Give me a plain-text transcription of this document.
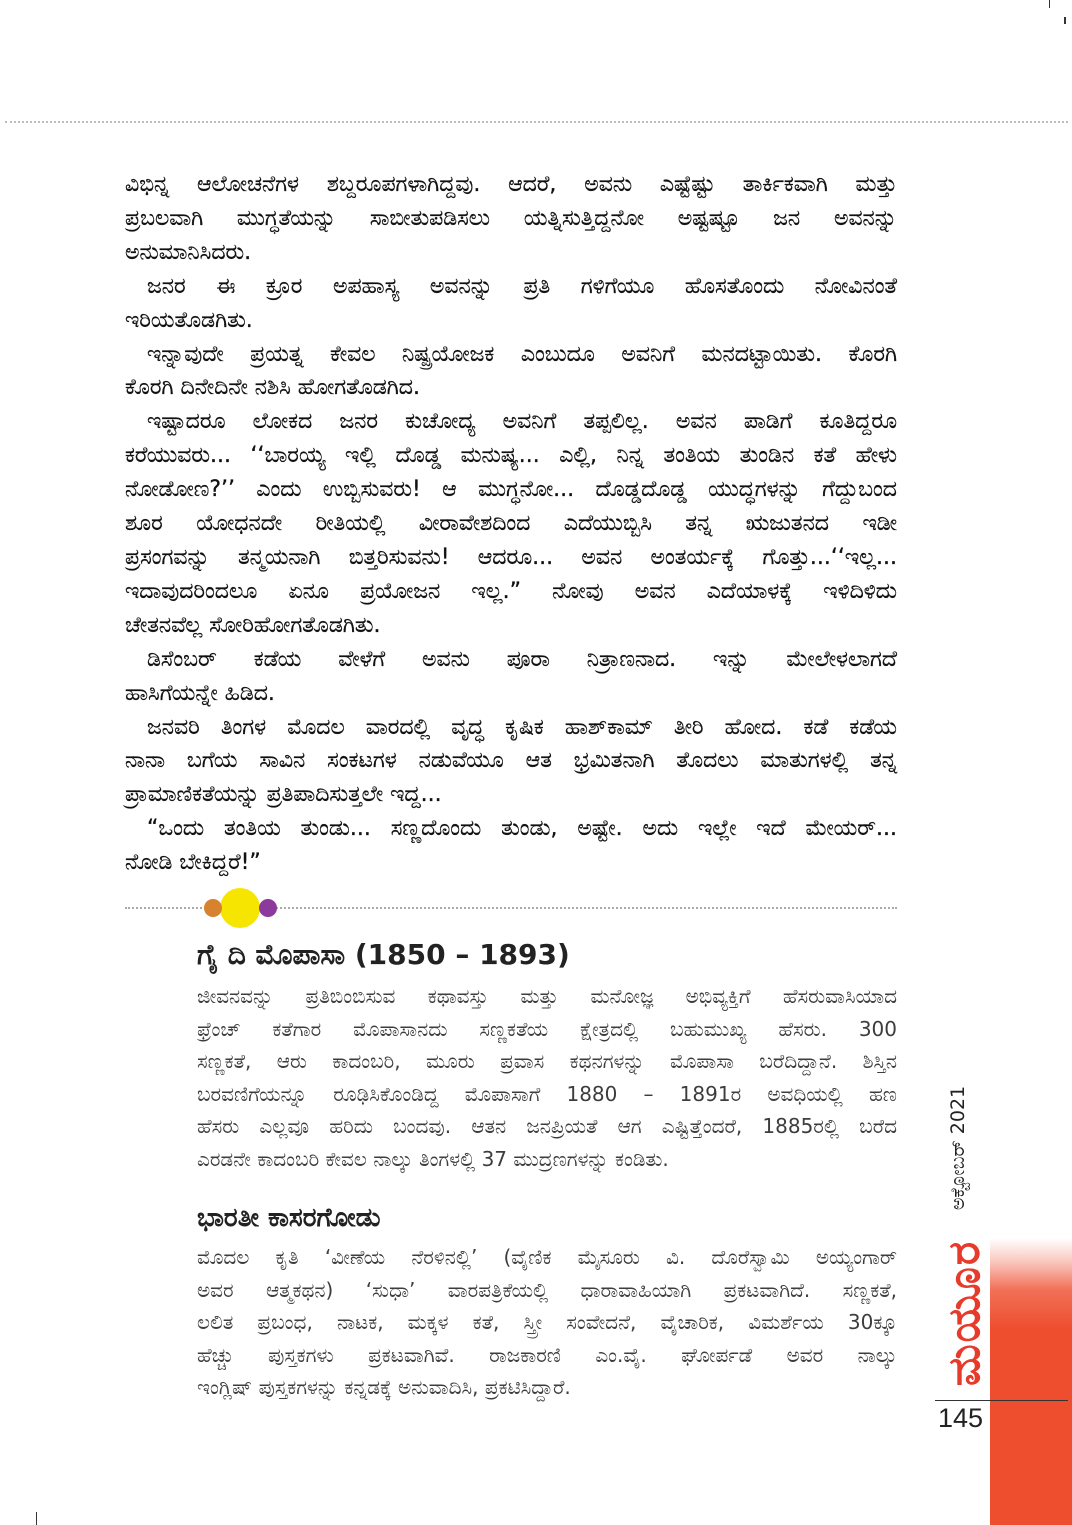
ವಿಭಿನ್ನ ಆಲೋಚನೆಗಳ ಶಬ್ದರೂಪಗಳಾಗಿದ್ದವು. ಆದರೆ, ಅವನು ಎಷ್ಟೆಷ್ಟು ತಾರ್ಕಿಕವಾಗಿ ಮತ್ತು
ಪ್ರಬಲವಾಗಿ ಮುಗ್ಧತೆಯನ್ನು ಸಾಬೀತುಪಡಿಸಲು ಯತ್ನಿಸುತ್ತಿದ್ದನೋ ಅಷ್ಟಷ್ಟೂ ಜನ ಅವನನ್ನು
ಅನುಮಾನಿಸಿದರು.
ಜನರ ಈ ಕ್ರೂರ ಅಪಹಾಸ್ಯ ಅವನನ್ನು ಪ್ರತಿ ಗಳಿಗೆಯೂ ಹೊಸತೊಂದು ನೋವಿನಂತೆ
ಇರಿಯತೊಡಗಿತು.
ಇನ್ನಾವುದೇ ಪ್ರಯತ್ನ ಕೇವಲ ನಿಷ್ಪ್ರಯೋಜಕ ಎಂಬುದೂ ಅವನಿಗೆ ಮನದಟ್ಟಾಯಿತು. ಕೊರಗಿ
ಕೊರಗಿ ದಿನೇದಿನೇ ನಶಿಸಿ ಹೋಗತೊಡಗಿದ.
ಇಷ್ಟಾದರೂ ಲೋಕದ ಜನರ ಕುಚೋದ್ಯ ಅವನಿಗೆ ತಪ್ಪಲಿಲ್ಲ. ಅವನ ಪಾಡಿಗೆ ಕೂತಿದ್ದರೂ
ಕರೆಯುವರು... ‘‘ಬಾರಯ್ಯ ಇಲ್ಲಿ ದೊಡ್ಡ ಮನುಷ್ಯ... ಎಲ್ಲಿ, ನಿನ್ನ ತಂತಿಯ ತುಂಡಿನ ಕತೆ ಹೇಳು
ನೋಡೋಣ?’’ ಎಂದು ಉಬ್ಬಿಸುವರು! ಆ ಮುಗ್ಧನೋ... ದೊಡ್ಡದೊಡ್ಡ ಯುದ್ಧಗಳನ್ನು ಗೆದ್ದುಬಂದ
ಶೂರ ಯೋಧನದೇ ರೀತಿಯಲ್ಲಿ ವೀರಾವೇಶದಿಂದ ಎದೆಯುಬ್ಬಿಸಿ ತನ್ನ ಋಜುತನದ ಇಡೀ
ಪ್ರಸಂಗವನ್ನು ತನ್ಮಯನಾಗಿ ಬಿತ್ತರಿಸುವನು! ಆದರೂ... ಅವನ ಅಂತರ್ಯಕ್ಕೆ ಗೊತ್ತು...‘‘ಇಲ್ಲ...
ಇದಾವುದರಿಂದಲೂ ಏನೂ ಪ್ರಯೋಜನ ಇಲ್ಲ.” ನೋವು ಅವನ ಎದೆಯಾಳಕ್ಕೆ ಇಳಿದಿಳಿದು
ಚೇತನವೆಲ್ಲ ಸೋರಿಹೋಗತೊಡಗಿತು.
ಡಿಸೆಂಬರ್ ಕಡೆಯ ವೇಳೆಗೆ ಅವನು ಪೂರಾ ನಿತ್ರಾಣನಾದ. ಇನ್ನು ಮೇಲೇಳಲಾಗದೆ
ಹಾಸಿಗೆಯನ್ನೇ ಹಿಡಿದ.
ಜನವರಿ ತಿಂಗಳ ಮೊದಲ ವಾರದಲ್ಲಿ ವೃದ್ಧ ಕೃಷಿಕ ಹಾಶ್‌ಕಾಮ್ ತೀರಿ ಹೋದ. ಕಡೆ ಕಡೆಯ
ನಾನಾ ಬಗೆಯ ಸಾವಿನ ಸಂಕಟಗಳ ನಡುವೆಯೂ ಆತ ಭ್ರಮಿತನಾಗಿ ತೊದಲು ಮಾತುಗಳಲ್ಲಿ ತನ್ನ
ಪ್ರಾಮಾಣಿಕತೆಯನ್ನು ಪ್ರತಿಪಾದಿಸುತ್ತಲೇ ಇದ್ದ...
“ಒಂದು ತಂತಿಯ ತುಂಡು... ಸಣ್ಣದೊಂದು ತುಂಡು, ಅಷ್ಟೇ. ಅದು ಇಲ್ಲೇ ಇದೆ ಮೇಯರ್...
ನೋಡಿ ಬೇಕಿದ್ದರೆ!”
ಗೈ ದಿ ಮೊಪಾಸಾ (1850 – 1893)
ಜೀವನವನ್ನು ಪ್ರತಿಬಿಂಬಿಸುವ ಕಥಾವಸ್ತು ಮತ್ತು ಮನೋಜ್ಞ ಅಭಿವ್ಯಕ್ತಿಗೆ ಹೆಸರುವಾಸಿಯಾದ
ಫ್ರೆಂಚ್ ಕತೆಗಾರ ಮೊಪಾಸಾನದು ಸಣ್ಣಕತೆಯ ಕ್ಷೇತ್ರದಲ್ಲಿ ಬಹುಮುಖ್ಯ ಹೆಸರು. 300
ಸಣ್ಣಕತೆ, ಆರು ಕಾದಂಬರಿ, ಮೂರು ಪ್ರವಾಸ ಕಥನಗಳನ್ನು ಮೊಪಾಸಾ ಬರೆದಿದ್ದಾನೆ. ಶಿಸ್ತಿನ
ಬರವಣಿಗೆಯನ್ನೂ ರೂಢಿಸಿಕೊಂಡಿದ್ದ ಮೊಪಾಸಾಗೆ 1880 – 1891ರ ಅವಧಿಯಲ್ಲಿ ಹಣ
ಹೆಸರು ಎಲ್ಲವೂ ಹರಿದು ಬಂದವು. ಆತನ ಜನಪ್ರಿಯತೆ ಆಗ ಎಷ್ಟಿತ್ತೆಂದರೆ, 1885ರಲ್ಲಿ ಬರೆದ
ಎರಡನೇ ಕಾದಂಬರಿ ಕೇವಲ ನಾಲ್ಕು ತಿಂಗಳಲ್ಲಿ 37 ಮುದ್ರಣಗಳನ್ನು ಕಂಡಿತು.
ಭಾರತೀ ಕಾಸರಗೋಡು
ಮೊದಲ ಕೃತಿ ‘ವೀಣೆಯ ನೆರಳಿನಲ್ಲಿ’ (ವೈಣಿಕ ಮೈಸೂರು ವಿ. ದೊರೆಸ್ವಾಮಿ ಅಯ್ಯಂಗಾರ್
ಅವರ ಆತ್ಮಕಥನ) ‘ಸುಧಾ’ ವಾರಪತ್ರಿಕೆಯಲ್ಲಿ ಧಾರಾವಾಹಿಯಾಗಿ ಪ್ರಕಟವಾಗಿದೆ. ಸಣ್ಣಕತೆ,
ಲಲಿತ ಪ್ರಬಂಧ, ನಾಟಕ, ಮಕ್ಕಳ ಕತೆ, ಸ್ತ್ರೀ ಸಂವೇದನೆ, ವೈಚಾರಿಕ, ವಿಮರ್ಶೆಯ 30ಕ್ಕೂ
ಹೆಚ್ಚು ಪುಸ್ತಕಗಳು ಪ್ರಕಟವಾಗಿವೆ. ರಾಜಕಾರಣಿ ಎಂ.ವೈ. ಘೋರ್ಪಡೆ ಅವರ ನಾಲ್ಕು
ಇಂಗ್ಲಿಷ್ ಪುಸ್ತಕಗಳನ್ನು ಕನ್ನಡಕ್ಕೆ ಅನುವಾದಿಸಿ, ಪ್ರಕಟಿಸಿದ್ದಾರೆ.
ಅಕ್ಟೋಬರ್ 2021
ಮಯೂರ
145
